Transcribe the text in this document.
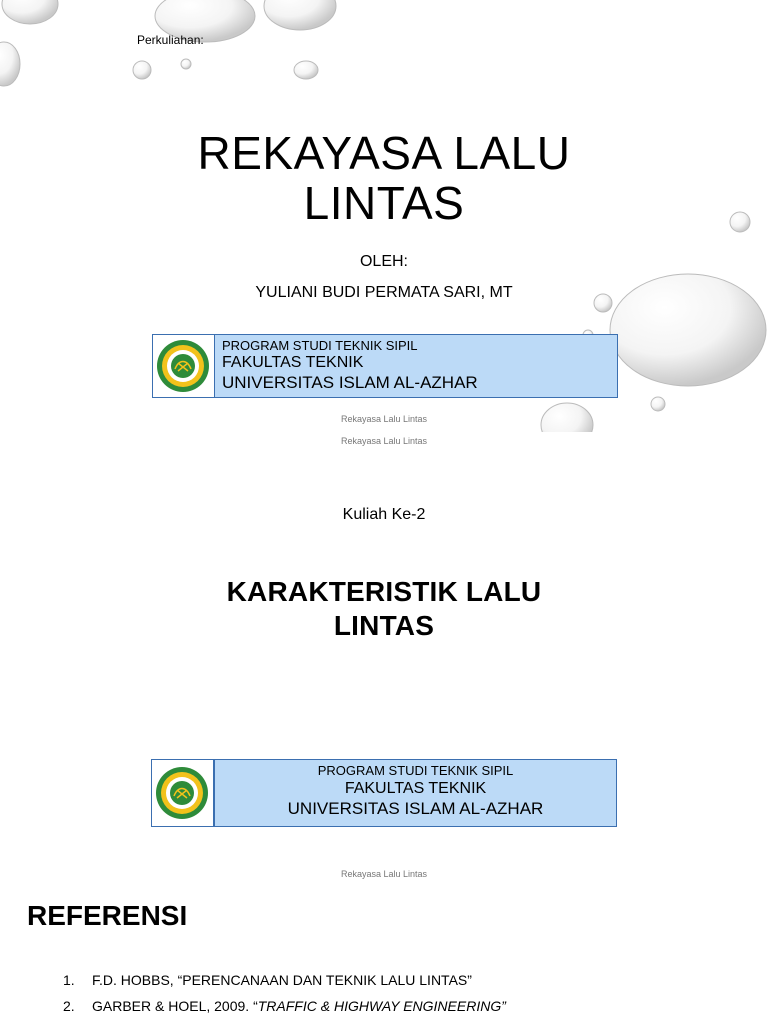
Perkuliahan:
REKAYASA LALU
LINTAS
OLEH:
YULIANI BUDI PERMATA SARI, MT
PROGRAM STUDI TEKNIK SIPIL
FAKULTAS TEKNIK
UNIVERSITAS ISLAM AL-AZHAR
Rekayasa Lalu Lintas
Rekayasa Lalu Lintas
Kuliah Ke-2
KARAKTERISTIK LALU
LINTAS
PROGRAM STUDI TEKNIK SIPIL
FAKULTAS TEKNIK
UNIVERSITAS ISLAM AL-AZHAR
Rekayasa Lalu Lintas
REFERENSI
1.	F.D. HOBBS, “PERENCANAAN DAN TEKNIK LALU LINTAS”
2.	GARBER & HOEL, 2009. “TRAFFIC & HIGHWAY ENGINEERING”
